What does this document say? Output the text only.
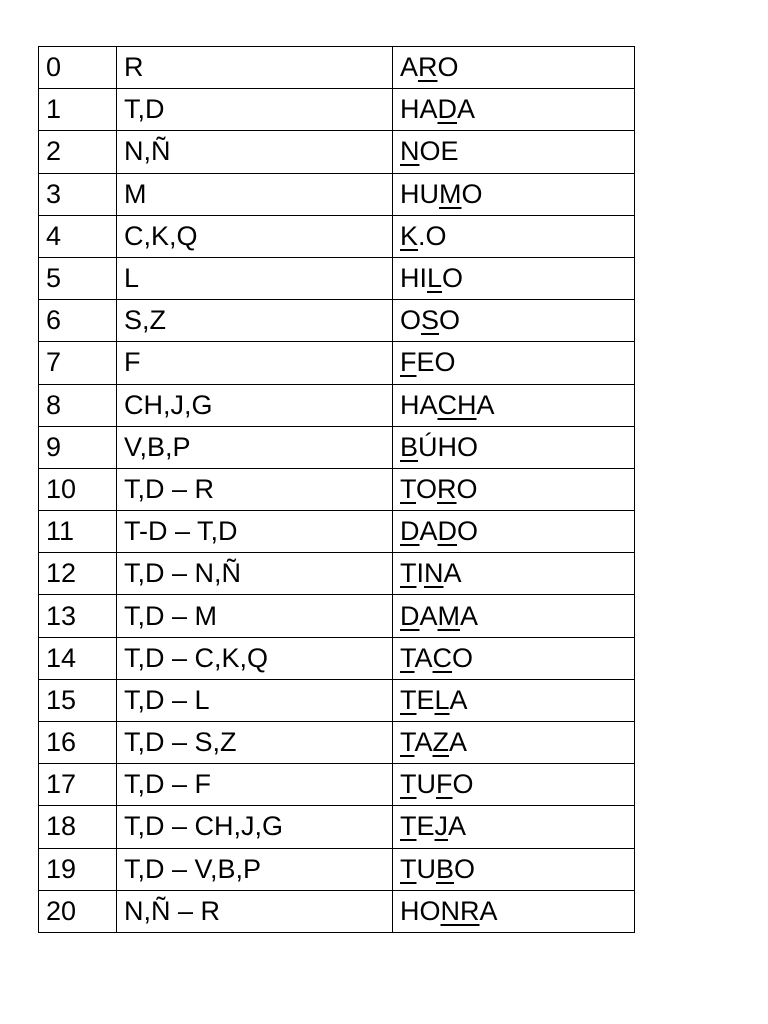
0	R	ARO
1	T,D	HADA
2	N,Ñ	NOE
3	M	HUMO
4	C,K,Q	K.O
5	L	HILO
6	S,Z	OSO
7	F	FEO
8	CH,J,G	HACHA
9	V,B,P	BÚHO
10	T,D – R	TORO
11	T-D – T,D	DADO
12	T,D – N,Ñ	TINA
13	T,D – M	DAMA
14	T,D – C,K,Q	TACO
15	T,D – L	TELA
16	T,D – S,Z	TAZA
17	T,D – F	TUFO
18	T,D – CH,J,G	TEJA
19	T,D – V,B,P	TUBO
20	N,Ñ – R	HONRA
